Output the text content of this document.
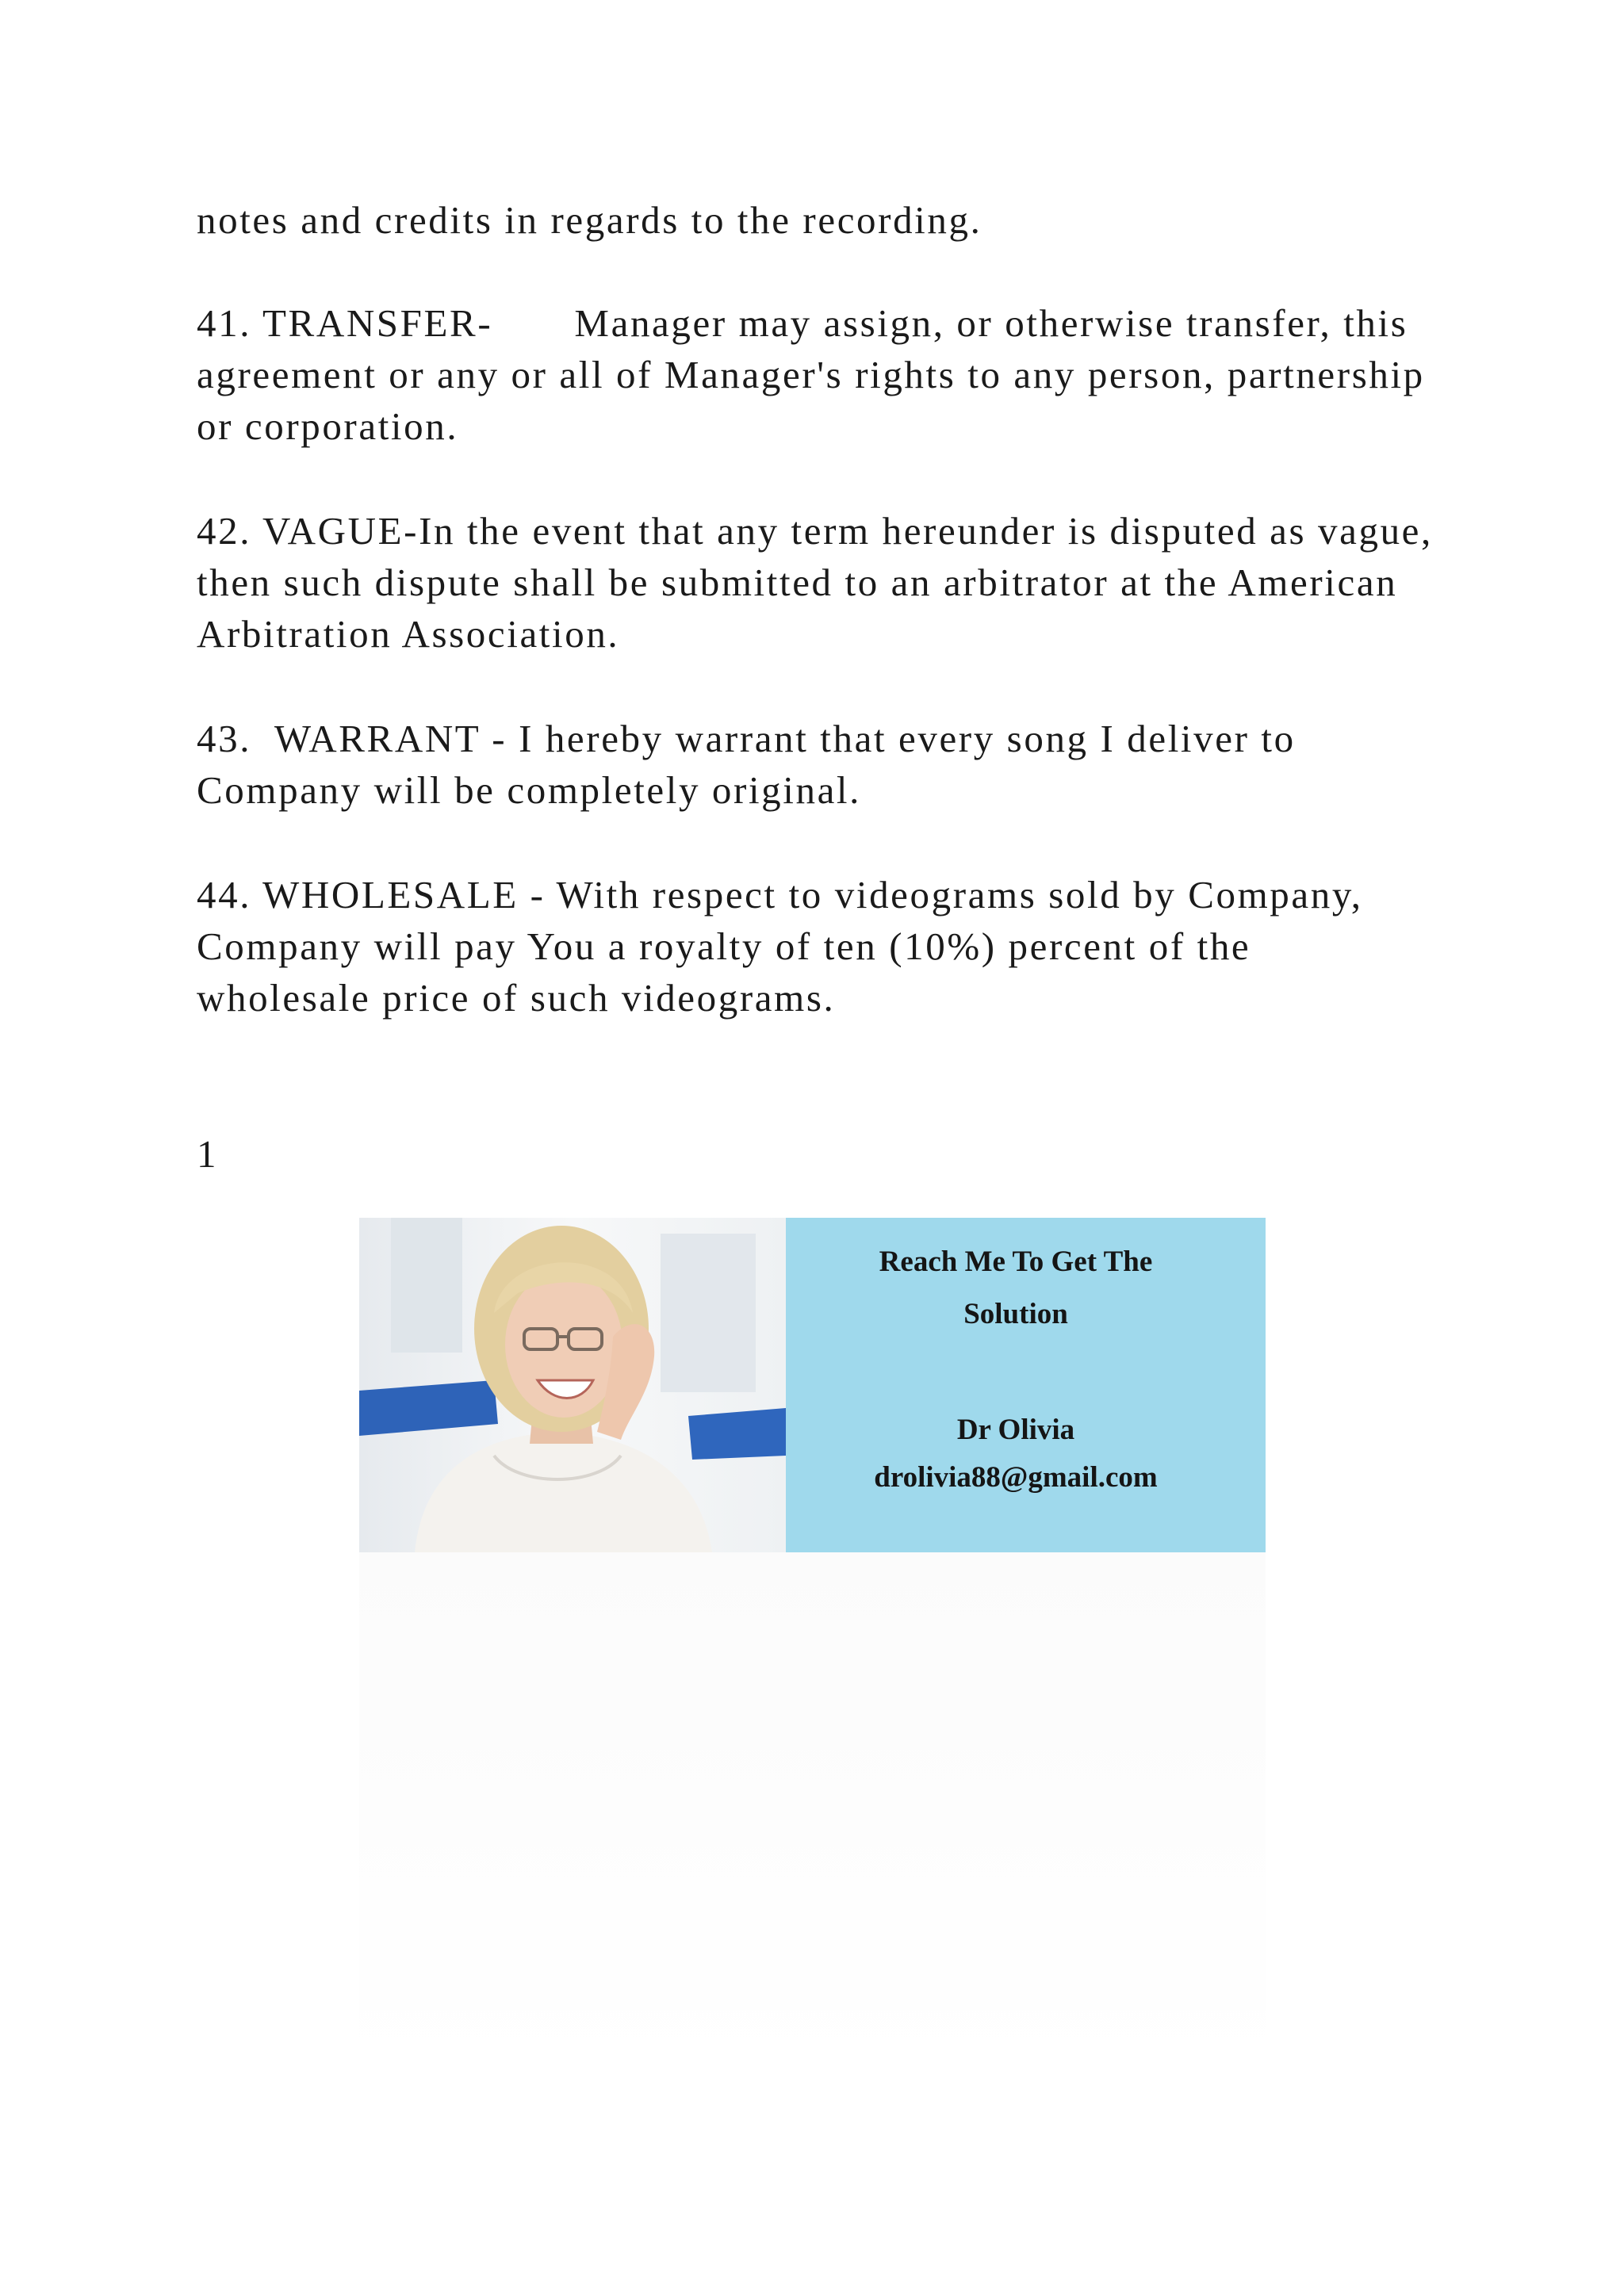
notes and credits in regards to the recording.

41. TRANSFER-  Manager may assign, or otherwise transfer, this agreement or any or all of Manager's rights to any person, partnership or corporation.

42. VAGUE-In the event that any term hereunder is disputed as vague, then such dispute shall be submitted to an arbitrator at the American Arbitration Association.

43.  WARRANT - I hereby warrant that every song I deliver to Company will be completely original.

44. WHOLESALE - With respect to videograms sold by Company, Company will pay You a royalty of ten (10%) percent of the wholesale price of such videograms.

1
Reach Me To Get The
Solution
Dr Olivia
drolivia88@gmail.com
